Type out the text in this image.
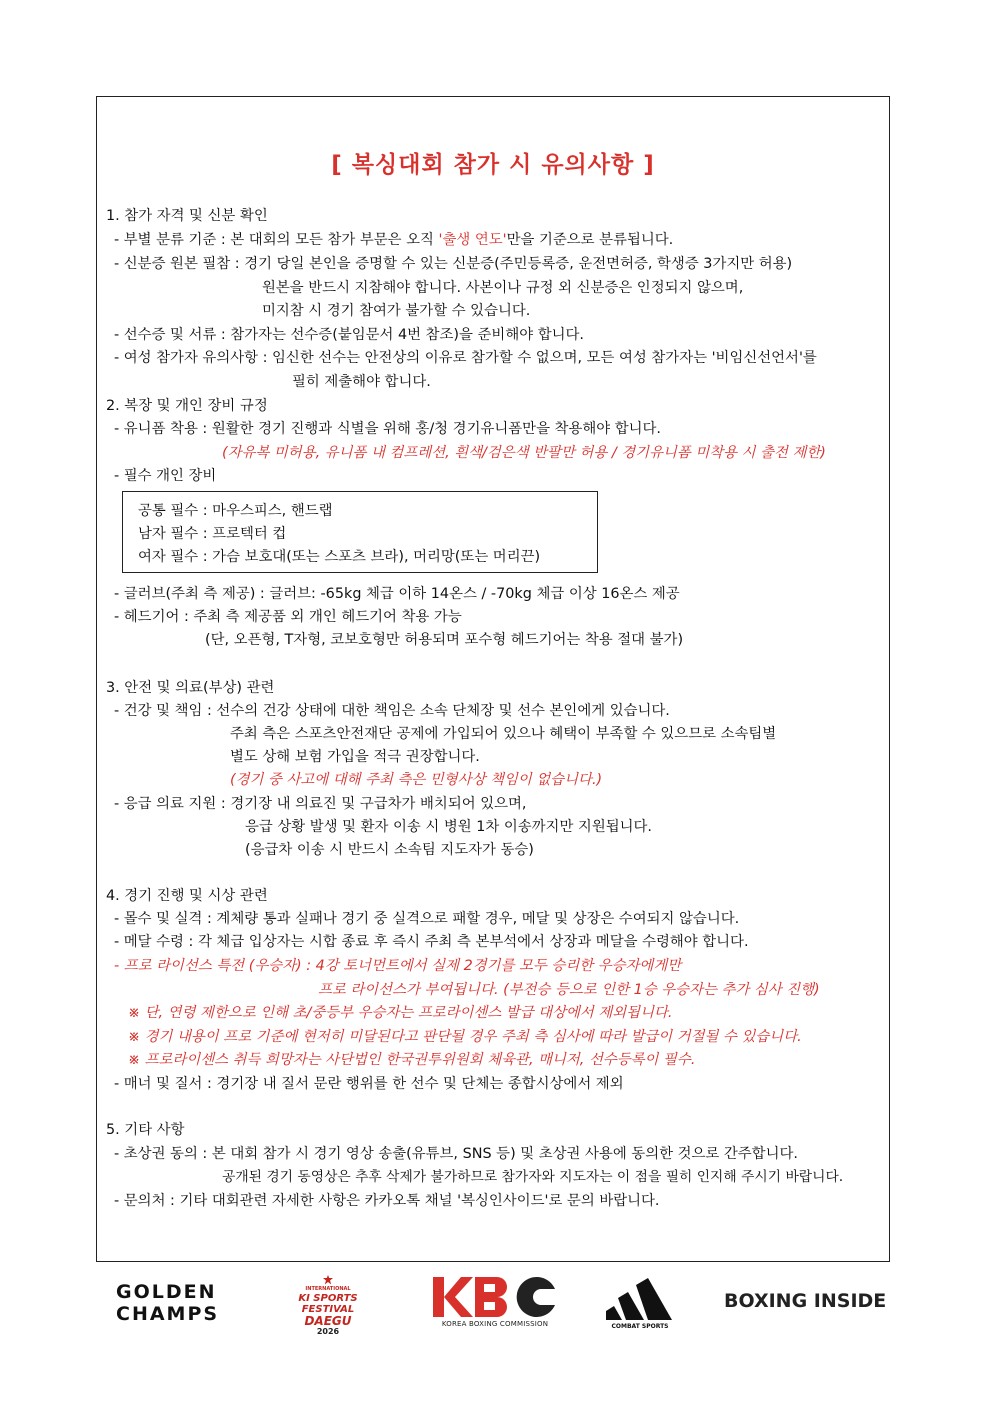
[ 복싱대회 참가 시 유의사항 ]
1. 참가 자격 및 신분 확인
- 부별 분류 기준 : 본 대회의 모든 참가 부문은 오직 '출생 연도'만을 기준으로 분류됩니다.
- 신분증 원본 필참 : 경기 당일 본인을 증명할 수 있는 신분증(주민등록증, 운전면허증, 학생증 3가지만 허용)
원본을 반드시 지참해야 합니다. 사본이나 규정 외 신분증은 인정되지 않으며,
미지참 시 경기 참여가 불가할 수 있습니다.
- 선수증 및 서류 : 참가자는 선수증(붙임문서 4번 참조)을 준비해야 합니다.
- 여성 참가자 유의사항 : 임신한 선수는 안전상의 이유로 참가할 수 없으며, 모든 여성 참가자는 '비임신선언서'를
필히 제출해야 합니다.
2. 복장 및 개인 장비 규정
- 유니폼 착용 : 원활한 경기 진행과 식별을 위해 홍/청 경기유니폼만을 착용해야 합니다.
(자유복 미허용, 유니폼 내 컴프레션, 흰색/검은색 반팔만 허용 / 경기유니폼 미착용 시 출전 제한)
- 필수 개인 장비
공통 필수 : 마우스피스, 핸드랩
남자 필수 : 프로텍터 컵
여자 필수 : 가슴 보호대(또는 스포츠 브라), 머리망(또는 머리끈)
- 글러브(주최 측 제공) : 글러브: -65kg 체급 이하 14온스 / -70kg 체급 이상 16온스 제공
- 헤드기어 : 주최 측 제공품 외 개인 헤드기어 착용 가능
(단, 오픈형, T자형, 코보호형만 허용되며 포수형 헤드기어는 착용 절대 불가)
3. 안전 및 의료(부상) 관련
- 건강 및 책임 : 선수의 건강 상태에 대한 책임은 소속 단체장 및 선수 본인에게 있습니다.
주최 측은 스포츠안전재단 공제에 가입되어 있으나 혜택이 부족할 수 있으므로 소속팀별
별도 상해 보험 가입을 적극 권장합니다.
(경기 중 사고에 대해 주최 측은 민형사상 책임이 없습니다.)
- 응급 의료 지원 : 경기장 내 의료진 및 구급차가 배치되어 있으며,
응급 상황 발생 및 환자 이송 시 병원 1차 이송까지만 지원됩니다.
(응급차 이송 시 반드시 소속팀 지도자가 동승)
4. 경기 진행 및 시상 관련
- 몰수 및 실격 : 계체량 통과 실패나 경기 중 실격으로 패할 경우, 메달 및 상장은 수여되지 않습니다.
- 메달 수령 : 각 체급 입상자는 시합 종료 후 즉시 주최 측 본부석에서 상장과 메달을 수령해야 합니다.
- 프로 라이선스 특전 (우승자) : 4강 토너먼트에서 실제 2경기를 모두 승리한 우승자에게만
프로 라이선스가 부여됩니다. (부전승 등으로 인한 1승 우승자는 추가 심사 진행)
※ 단, 연령 제한으로 인해 초/중등부 우승자는 프로라이센스 발급 대상에서 제외됩니다.
※ 경기 내용이 프로 기준에 현저히 미달된다고 판단될 경우 주최 측 심사에 따라 발급이 거절될 수 있습니다.
※ 프로라이센스 취득 희망자는 사단법인 한국권투위원회 체육관, 매니저, 선수등록이 필수.
- 매너 및 질서 : 경기장 내 질서 문란 행위를 한 선수 및 단체는 종합시상에서 제외
5. 기타 사항
- 초상권 동의 : 본 대회 참가 시 경기 영상 송출(유튜브, SNS 등) 및 초상권 사용에 동의한 것으로 간주합니다.
공개된 경기 동영상은 추후 삭제가 불가하므로 참가자와 지도자는 이 점을 필히 인지해 주시기 바랍니다.
- 문의처 : 기타 대회관련 자세한 사항은 카카오톡 채널 '복싱인사이드'로 문의 바랍니다.
GOLDEN
CHAMPS
INTERNATIONAL
KI SPORTS FESTIVAL
DAEGU
2026
KOREA BOXING COMMISSION	COMBAT SPORTS
BOXING INSIDE
